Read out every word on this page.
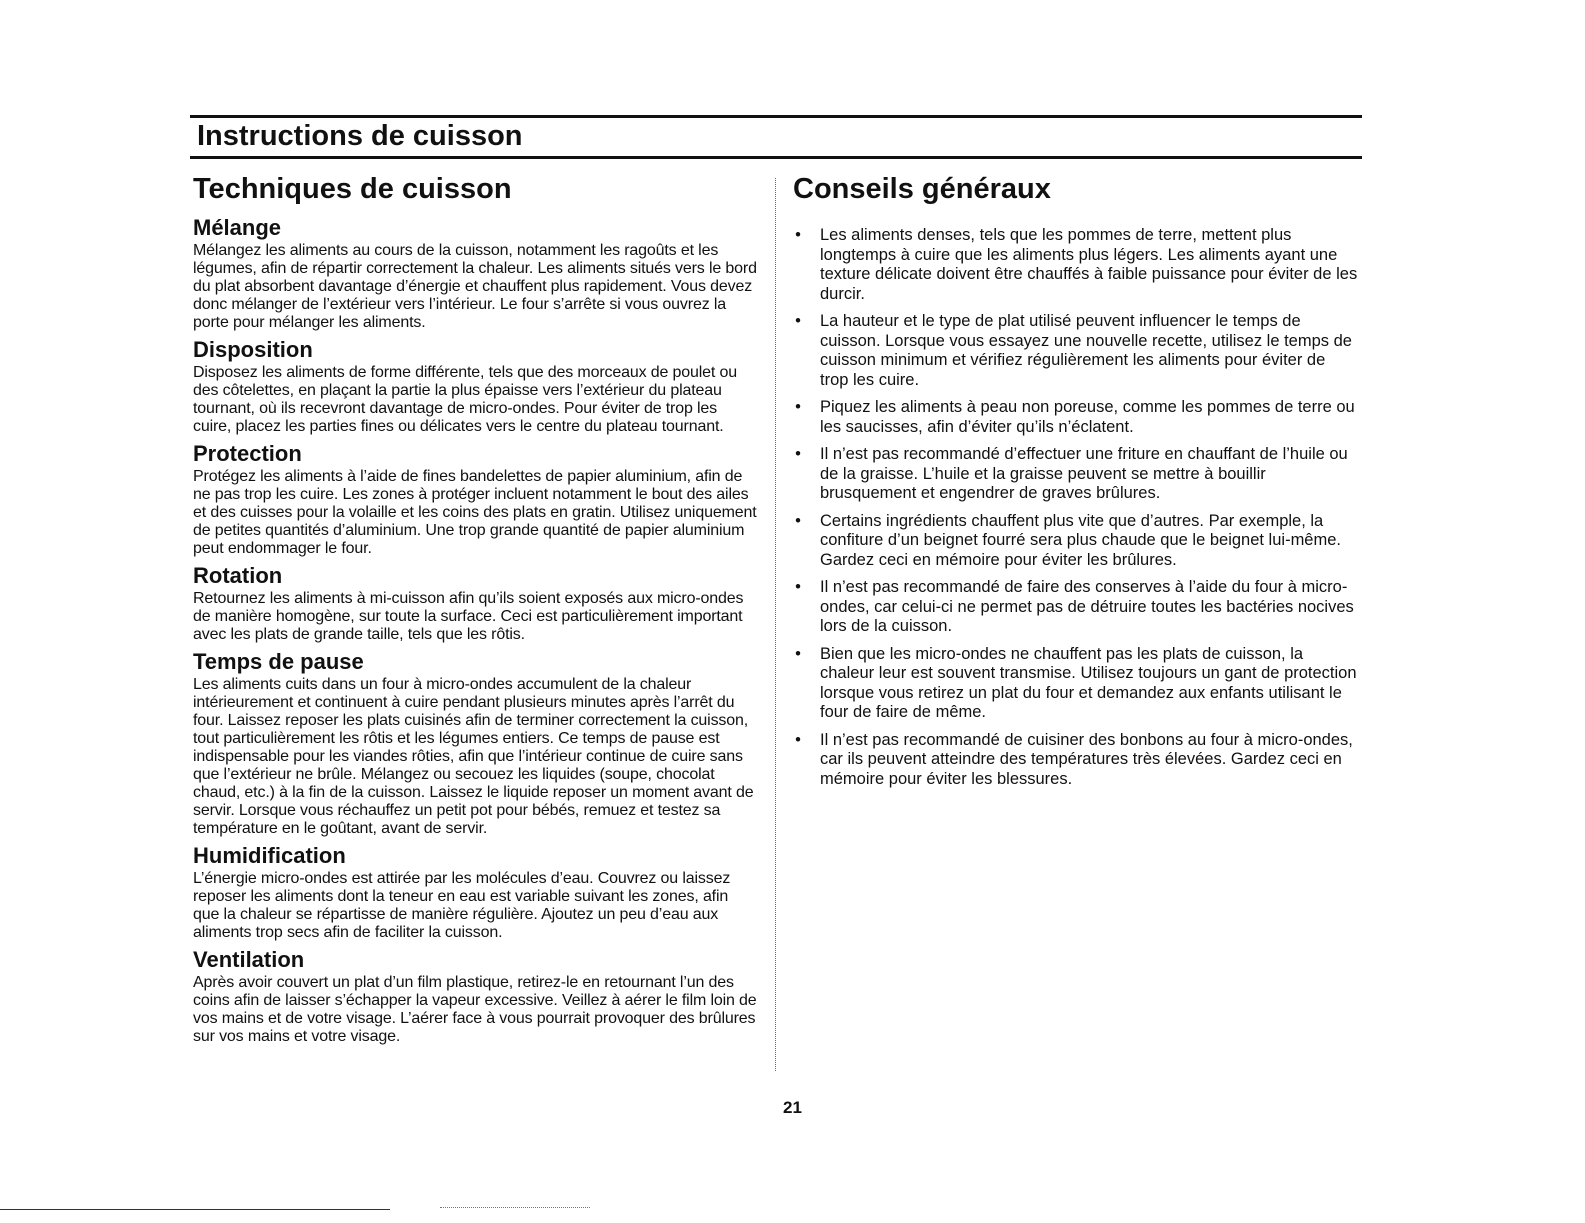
Instructions de cuisson
Techniques de cuisson
Mélange

Mélangez les aliments au cours de la cuisson, notamment les ragoûts et les légumes, afin de répartir correctement la chaleur. Les aliments situés vers le bord du plat absorbent davantage d’énergie et chauffent plus rapidement. Vous devez donc mélanger de l’extérieur vers l’intérieur. Le four s’arrête si vous ouvrez la porte pour mélanger les aliments.

Disposition

Disposez les aliments de forme différente, tels que des morceaux de poulet ou des côtelettes, en plaçant la partie la plus épaisse vers l’extérieur du plateau tournant, où ils recevront davantage de micro-ondes. Pour éviter de trop les cuire, placez les parties fines ou délicates vers le centre du plateau tournant.

Protection

Protégez les aliments à l’aide de fines bandelettes de papier aluminium, afin de ne pas trop les cuire. Les zones à protéger incluent notamment le bout des ailes et des cuisses pour la volaille et les coins des plats en gratin. Utilisez uniquement de petites quantités d’aluminium. Une trop grande quantité de papier aluminium peut endommager le four.

Rotation

Retournez les aliments à mi-cuisson afin qu’ils soient exposés aux micro-ondes de manière homogène, sur toute la surface. Ceci est particulièrement important avec les plats de grande taille, tels que les rôtis.

Temps de pause

Les aliments cuits dans un four à micro-ondes accumulent de la chaleur intérieurement et continuent à cuire pendant plusieurs minutes après l’arrêt du four. Laissez reposer les plats cuisinés afin de terminer correctement la cuisson, tout particulièrement les rôtis et les légumes entiers. Ce temps de pause est indispensable pour les viandes rôties, afin que l’intérieur continue de cuire sans que l’extérieur ne brûle. Mélangez ou secouez les liquides (soupe, chocolat chaud, etc.) à la fin de la cuisson. Laissez le liquide reposer un moment avant de servir. Lorsque vous réchauffez un petit pot pour bébés, remuez et testez sa température en le goûtant, avant de servir.

Humidification

L’énergie micro-ondes est attirée par les molécules d’eau. Couvrez ou laissez reposer les aliments dont la teneur en eau est variable suivant les zones, afin que la chaleur se répartisse de manière régulière. Ajoutez un peu d’eau aux aliments trop secs afin de faciliter la cuisson.

Ventilation

Après avoir couvert un plat d’un film plastique, retirez-le en retournant l’un des coins afin de laisser s’échapper la vapeur excessive. Veillez à aérer le film loin de vos mains et de votre visage. L’aérer face à vous pourrait provoquer des brûlures sur vos mains et votre visage.

Conseils généraux
• Les aliments denses, tels que les pommes de terre, mettent plus longtemps à cuire que les aliments plus légers. Les aliments ayant une texture délicate doivent être chauffés à faible puissance pour éviter de les durcir.
• La hauteur et le type de plat utilisé peuvent influencer le temps de cuisson. Lorsque vous essayez une nouvelle recette, utilisez le temps de cuisson minimum et vérifiez régulièrement les aliments pour éviter de trop les cuire.
• Piquez les aliments à peau non poreuse, comme les pommes de terre ou les saucisses, afin d’éviter qu’ils n’éclatent.
• Il n’est pas recommandé d’effectuer une friture en chauffant de l’huile ou de la graisse. L’huile et la graisse peuvent se mettre à bouillir brusquement et engendrer de graves brûlures.
• Certains ingrédients chauffent plus vite que d’autres. Par exemple, la confiture d’un beignet fourré sera plus chaude que le beignet lui-même. Gardez ceci en mémoire pour éviter les brûlures.
• Il n’est pas recommandé de faire des conserves à l’aide du four à micro-ondes, car celui-ci ne permet pas de détruire toutes les bactéries nocives lors de la cuisson.
• Bien que les micro-ondes ne chauffent pas les plats de cuisson, la chaleur leur est souvent transmise. Utilisez toujours un gant de protection lorsque vous retirez un plat du four et demandez aux enfants utilisant le four de faire de même.
• Il n’est pas recommandé de cuisiner des bonbons au four à micro-ondes, car ils peuvent atteindre des températures très élevées. Gardez ceci en mémoire pour éviter les blessures.

21
